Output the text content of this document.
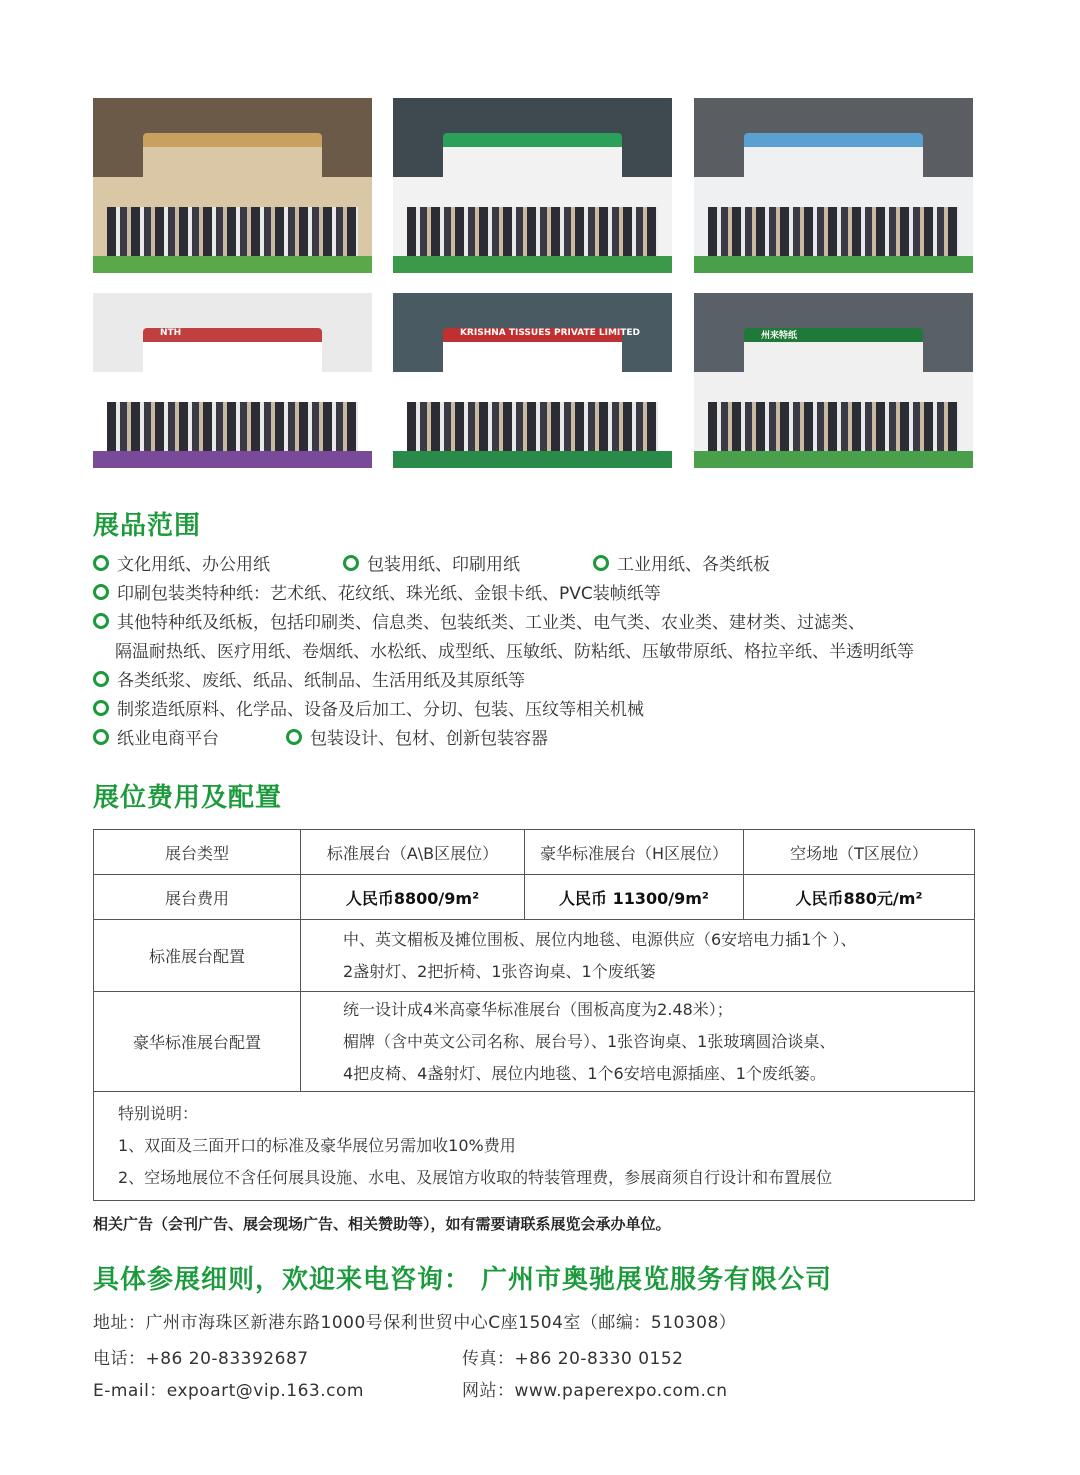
NTH	KRISHNA TISSUES PRIVATE LIMITED	州来特纸
展品范围
文化用纸、办公用纸	包装用纸、印刷用纸	工业用纸、各类纸板
印刷包装类特种纸：艺术纸、花纹纸、珠光纸、金银卡纸、PVC装帧纸等
其他特种纸及纸板，包括印刷类、信息类、包装纸类、工业类、电气类、农业类、建材类、过滤类、
隔温耐热纸、医疗用纸、卷烟纸、水松纸、成型纸、压敏纸、防粘纸、压敏带原纸、格拉辛纸、半透明纸等
各类纸浆、废纸、纸品、纸制品、生活用纸及其原纸等
制浆造纸原料、化学品、设备及后加工、分切、包装、压纹等相关机械
纸业电商平台	包装设计、包材、创新包装容器
展位费用及配置
展台类型	标准展台（A\B区展位）	豪华标准展台（H区展位）	空场地（T区展位）
展台费用	人民币8800/9m²	人民币 11300/9m²	人民币880元/m²
标准展台配置	中、英文楣板及摊位围板、展位内地毯、电源供应（6安培电力插1个 ）、
2盏射灯、2把折椅、1张咨询桌、1个废纸篓		

豪华标准展台配置	统一设计成4米高豪华标准展台（围板高度为2.48米）；
楣牌（含中英文公司名称、展台号）、1张咨询桌、1张玻璃圆洽谈桌、
4把皮椅、4盏射灯、展位内地毯、1个6安培电源插座、1个废纸篓。		

特别说明：
1、双面及三面开口的标准及豪华展位另需加收10%费用
2、空场地展位不含任何展具设施、水电、及展馆方收取的特装管理费，参展商须自行设计和布置展位			
相关广告（会刊广告、展会现场广告、相关赞助等），如有需要请联系展览会承办单位。
具体参展细则，欢迎来电咨询： 广州市奥驰展览服务有限公司
地址：广州市海珠区新港东路1000号保利世贸中心C座1504室（邮编：510308）
电话：+86 20-83392687	传真：+86 20-8330 0152
E-mail：expoart@vip.163.com	网站：www.paperexpo.com.cn
